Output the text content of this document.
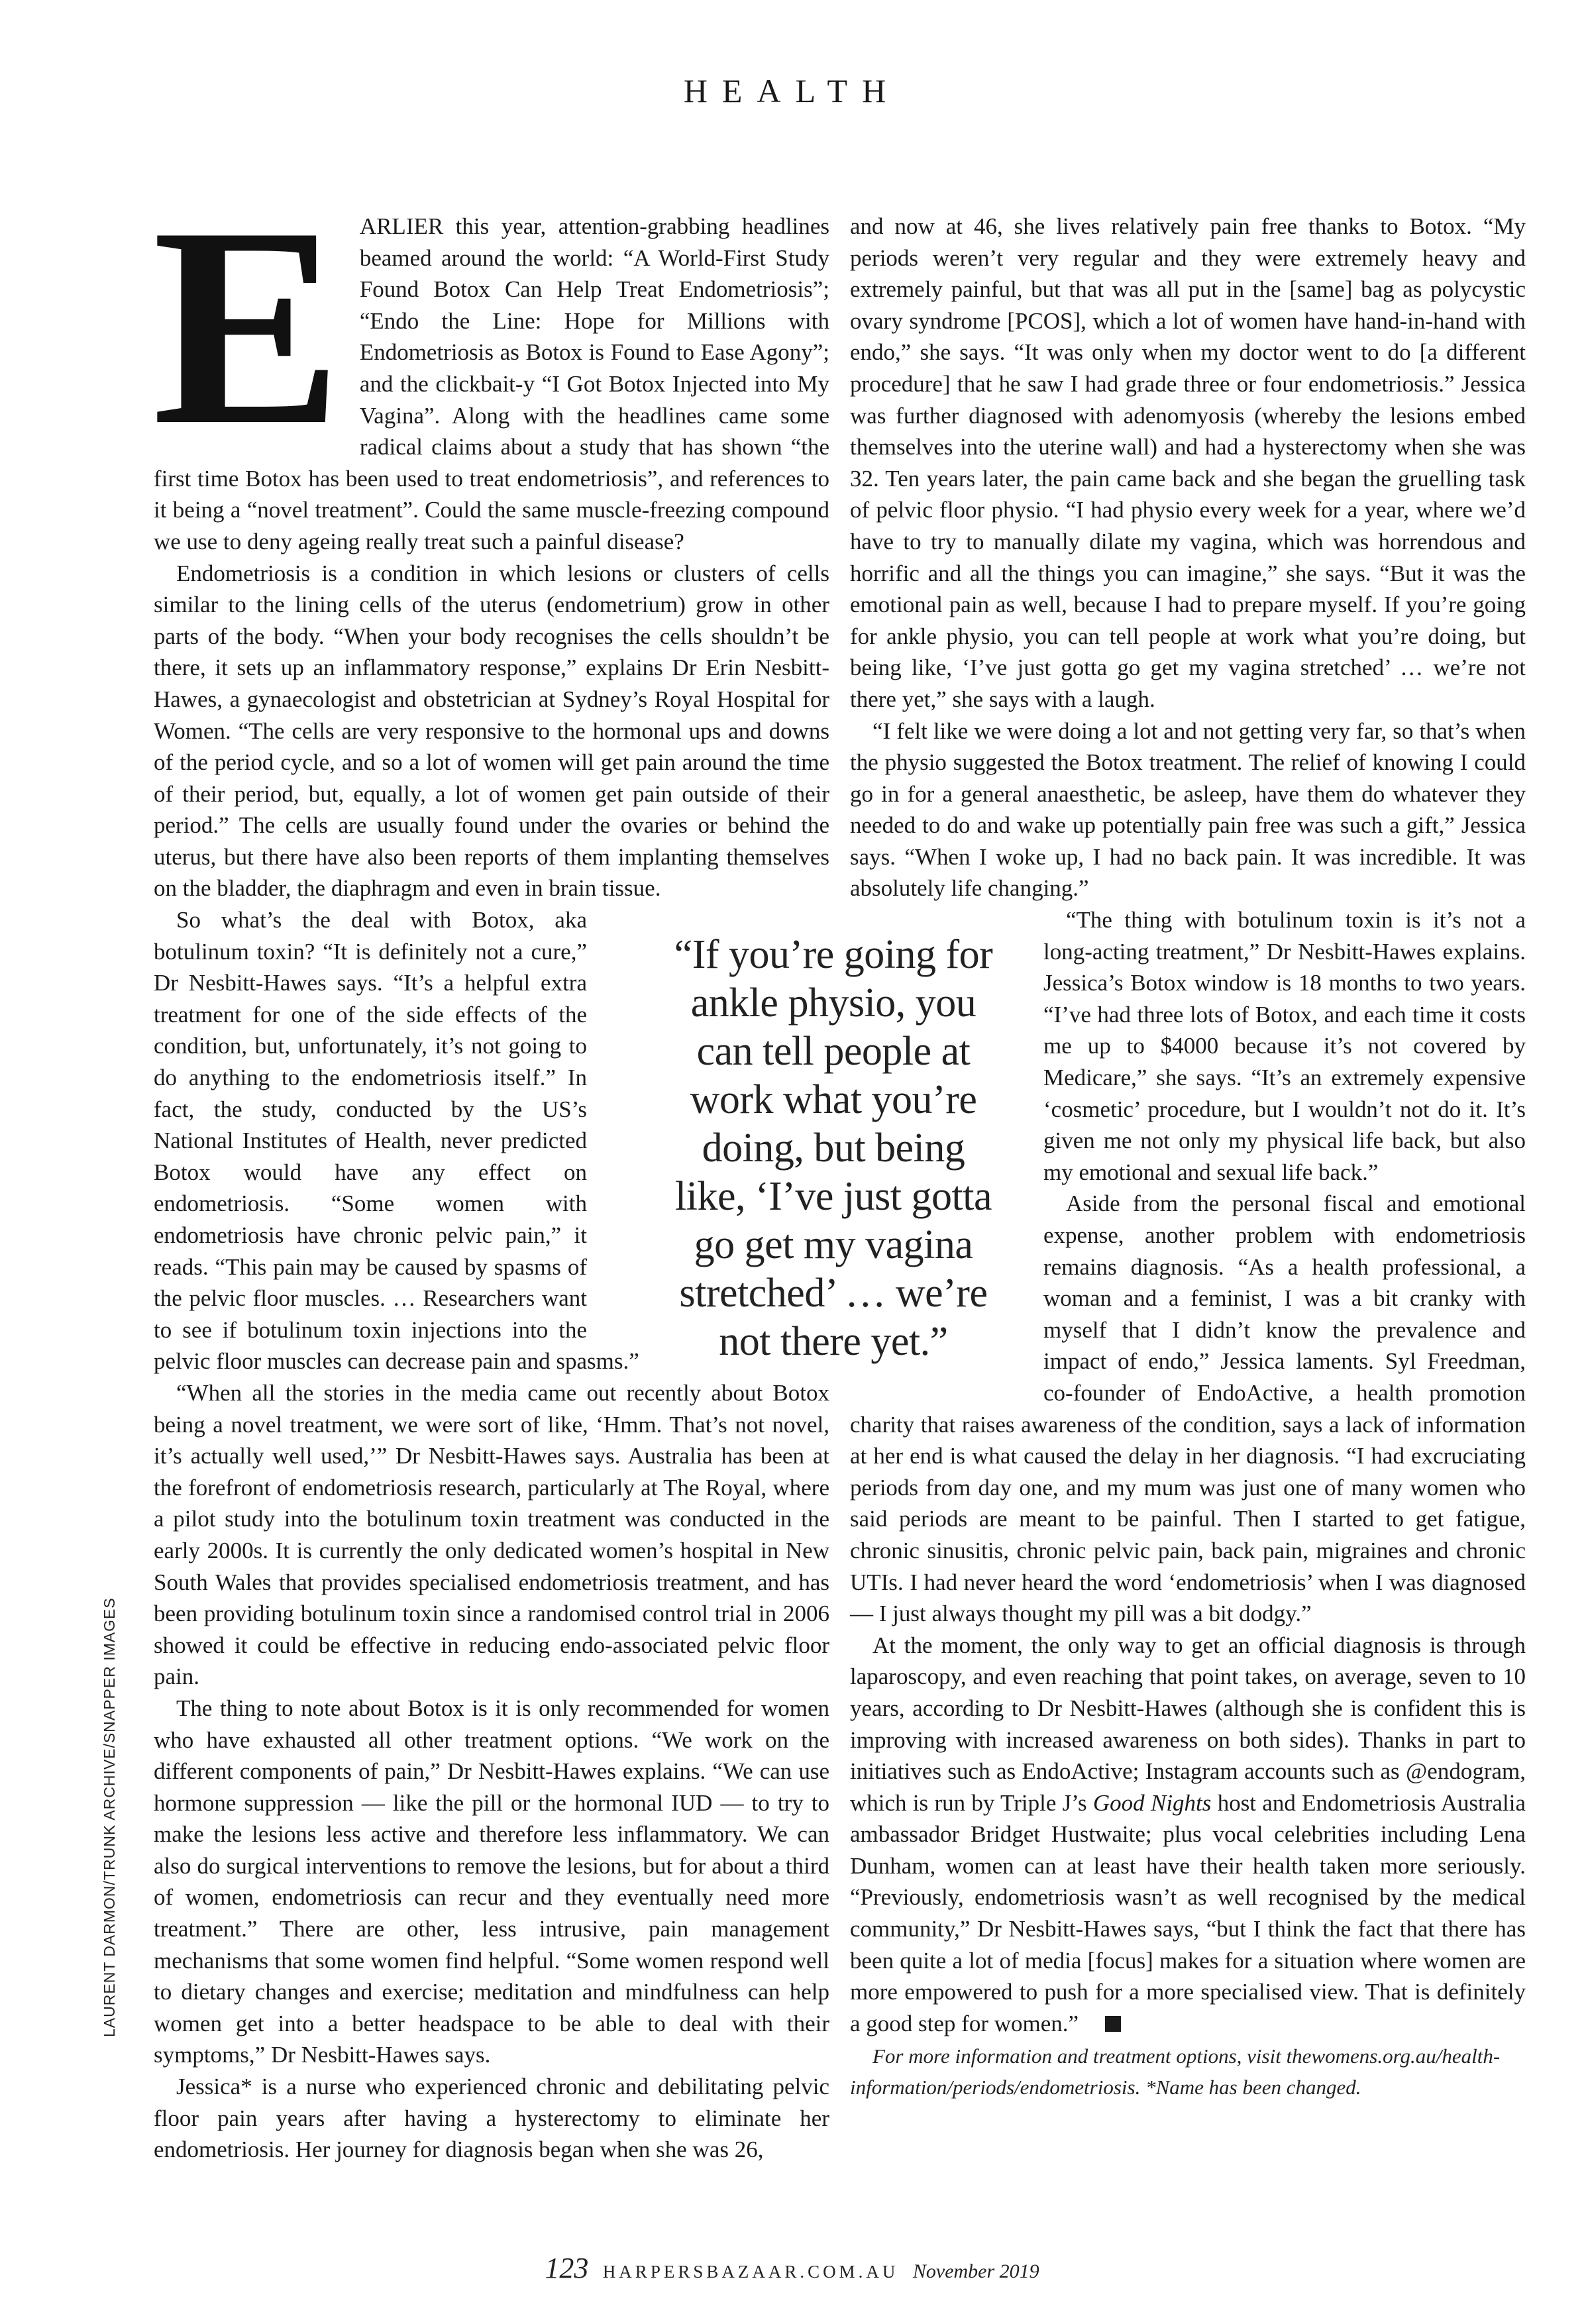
HEALTH
E ARLIER this year, attention-grabbing headlines beamed around the world: “A World-First Study Found Botox Can Help Treat Endometriosis”; “Endo the Line: Hope for Millions with Endometriosis as Botox is Found to Ease Agony”; and the clickbait-y “I Got Botox Injected into My Vagina”. Along with the headlines came some radical claims about a study that has shown “the first time Botox has been used to treat endometriosis”, and references to it being a “novel treatment”. Could the same muscle-freezing compound we use to deny ageing really treat such a painful disease?

Endometriosis is a condition in which lesions or clusters of cells similar to the lining cells of the uterus (endometrium) grow in other parts of the body. “When your body recognises the cells shouldn’t be there, it sets up an inflammatory response,” explains Dr Erin Nesbitt-Hawes, a gynaecologist and obstetrician at Sydney’s Royal Hospital for Women. “The cells are very responsive to the hormonal ups and downs of the period cycle, and so a lot of women will get pain around the time of their period, but, equally, a lot of women get pain outside of their period.” The cells are usually found under the ovaries or behind the uterus, but there have also been reports of them implanting themselves on the bladder, the diaphragm and even in brain tissue.

So what’s the deal with Botox, aka botulinum toxin? “It is definitely not a cure,” Dr Nesbitt-Hawes says. “It’s a helpful extra treatment for one of the side effects of the condition, but, unfortunately, it’s not going to do anything to the endometriosis itself.” In fact, the study, conducted by the US’s National Institutes of Health, never predicted Botox would have any effect on endometriosis. “Some women with endometriosis have chronic pelvic pain,” it reads. “This pain may be caused by spasms of the pelvic floor muscles. … Researchers want to see if botulinum toxin injections into the pelvic floor muscles can decrease pain and spasms.”

“When all the stories in the media came out recently about Botox being a novel treatment, we were sort of like, ‘Hmm. That’s not novel, it’s actually well used,’” Dr Nesbitt-Hawes says. Australia has been at the forefront of endometriosis research, particularly at The Royal, where a pilot study into the botulinum toxin treatment was conducted in the early 2000s. It is currently the only dedicated women’s hospital in New South Wales that provides specialised endometriosis treatment, and has been providing botulinum toxin since a randomised control trial in 2006 showed it could be effective in reducing endo-associated pelvic floor pain.

The thing to note about Botox is it is only recommended for women who have exhausted all other treatment options. “We work on the different components of pain,” Dr Nesbitt-Hawes explains. “We can use hormone suppression — like the pill or the hormonal IUD — to try to make the lesions less active and therefore less inflammatory. We can also do surgical interventions to remove the lesions, but for about a third of women, endometriosis can recur and they eventually need more treatment.” There are other, less intrusive, pain management mechanisms that some women find helpful. “Some women respond well to dietary changes and exercise; meditation and mindfulness can help women get into a better headspace to be able to deal with their symptoms,” Dr Nesbitt-Hawes says.

Jessica* is a nurse who experienced chronic and debilitating pelvic floor pain years after having a hysterectomy to eliminate her endometriosis. Her journey for diagnosis began when she was 26,

and now at 46, she lives relatively pain free thanks to Botox. “My periods weren’t very regular and they were extremely heavy and extremely painful, but that was all put in the [same] bag as polycystic ovary syndrome [PCOS], which a lot of women have hand-in-hand with endo,” she says. “It was only when my doctor went to do [a different procedure] that he saw I had grade three or four endometriosis.” Jessica was further diagnosed with adenomyosis (whereby the lesions embed themselves into the uterine wall) and had a hysterectomy when she was 32. Ten years later, the pain came back and she began the gruelling task of pelvic floor physio. “I had physio every week for a year, where we’d have to try to manually dilate my vagina, which was horrendous and horrific and all the things you can imagine,” she says. “But it was the emotional pain as well, because I had to prepare myself. If you’re going for ankle physio, you can tell people at work what you’re doing, but being like, ‘I’ve just gotta go get my vagina stretched’ … we’re not there yet,” she says with a laugh.

“I felt like we were doing a lot and not getting very far, so that’s when the physio suggested the Botox treatment. The relief of knowing I could go in for a general anaesthetic, be asleep, have them do whatever they needed to do and wake up potentially pain free was such a gift,” Jessica says. “When I woke up, I had no back pain. It was incredible. It was absolutely life changing.”

“The thing with botulinum toxin is it’s not a long-acting treatment,” Dr Nesbitt-Hawes explains. Jessica’s Botox window is 18 months to two years. “I’ve had three lots of Botox, and each time it costs me up to $4000 because it’s not covered by Medicare,” she says. “It’s an extremely expensive ‘cosmetic’ procedure, but I wouldn’t not do it. It’s given me not only my physical life back, but also my emotional and sexual life back.”

Aside from the personal fiscal and emotional expense, another problem with endometriosis remains diagnosis. “As a health professional, a woman and a feminist, I was a bit cranky with myself that I didn’t know the prevalence and impact of endo,” Jessica laments. Syl Freedman, co-founder of EndoActive, a health promotion charity that raises awareness of the condition, says a lack of information at her end is what caused the delay in her diagnosis. “I had excruciating periods from day one, and my mum was just one of many women who said periods are meant to be painful. Then I started to get fatigue, chronic sinusitis, chronic pelvic pain, back pain, migraines and chronic UTIs. I had never heard the word ‘endometriosis’ when I was diagnosed — I just always thought my pill was a bit dodgy.”

At the moment, the only way to get an official diagnosis is through laparoscopy, and even reaching that point takes, on average, seven to 10 years, according to Dr Nesbitt-Hawes (although she is confident this is improving with increased awareness on both sides). Thanks in part to initiatives such as EndoActive; Instagram accounts such as @endogram, which is run by Triple J’s Good Nights host and Endometriosis Australia ambassador Bridget Hustwaite; plus vocal celebrities including Lena Dunham, women can at least have their health taken more seriously. “Previously, endometriosis wasn’t as well recognised by the medical community,” Dr Nesbitt-Hawes says, “but I think the fact that there has been quite a lot of media [focus] makes for a situation where women are more empowered to push for a more specialised view. That is definitely a good step for women.”

For more information and treatment options, visit thewomens.org.au/health-information/periods/endometriosis. *Name has been changed.

“If you’re going for ankle physio, you can tell people at work what you’re doing, but being like, ‘I’ve just gotta go get my vagina stretched’ … we’re not there yet.”
LAURENT DARMON/TRUNK ARCHIVE/SNAPPER IMAGES
123 HARPERSBAZAAR.COM.AU November 2019
